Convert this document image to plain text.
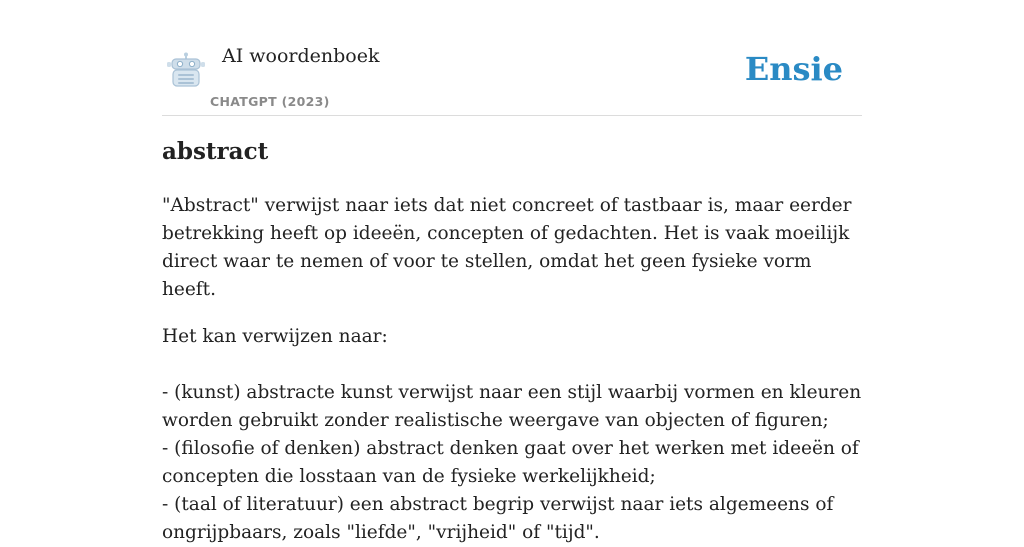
AI woordenboek
CHATGPT (2023)
Ensie
abstract

"Abstract" verwijst naar iets dat niet concreet of tastbaar is, maar eerder betrekking heeft op ideeën, concepten of gedachten. Het is vaak moeilijk direct waar te nemen of voor te stellen, omdat het geen fysieke vorm heeft.

Het kan verwijzen naar:

- (kunst) abstracte kunst verwijst naar een stijl waarbij vormen en kleuren worden gebruikt zonder realistische weergave van objecten of figuren;
- (filosofie of denken) abstract denken gaat over het werken met ideeën of concepten die losstaan van de fysieke werkelijkheid;
- (taal of literatuur) een abstract begrip verwijst naar iets algemeens of ongrijpbaars, zoals "liefde", "vrijheid" of "tijd".
